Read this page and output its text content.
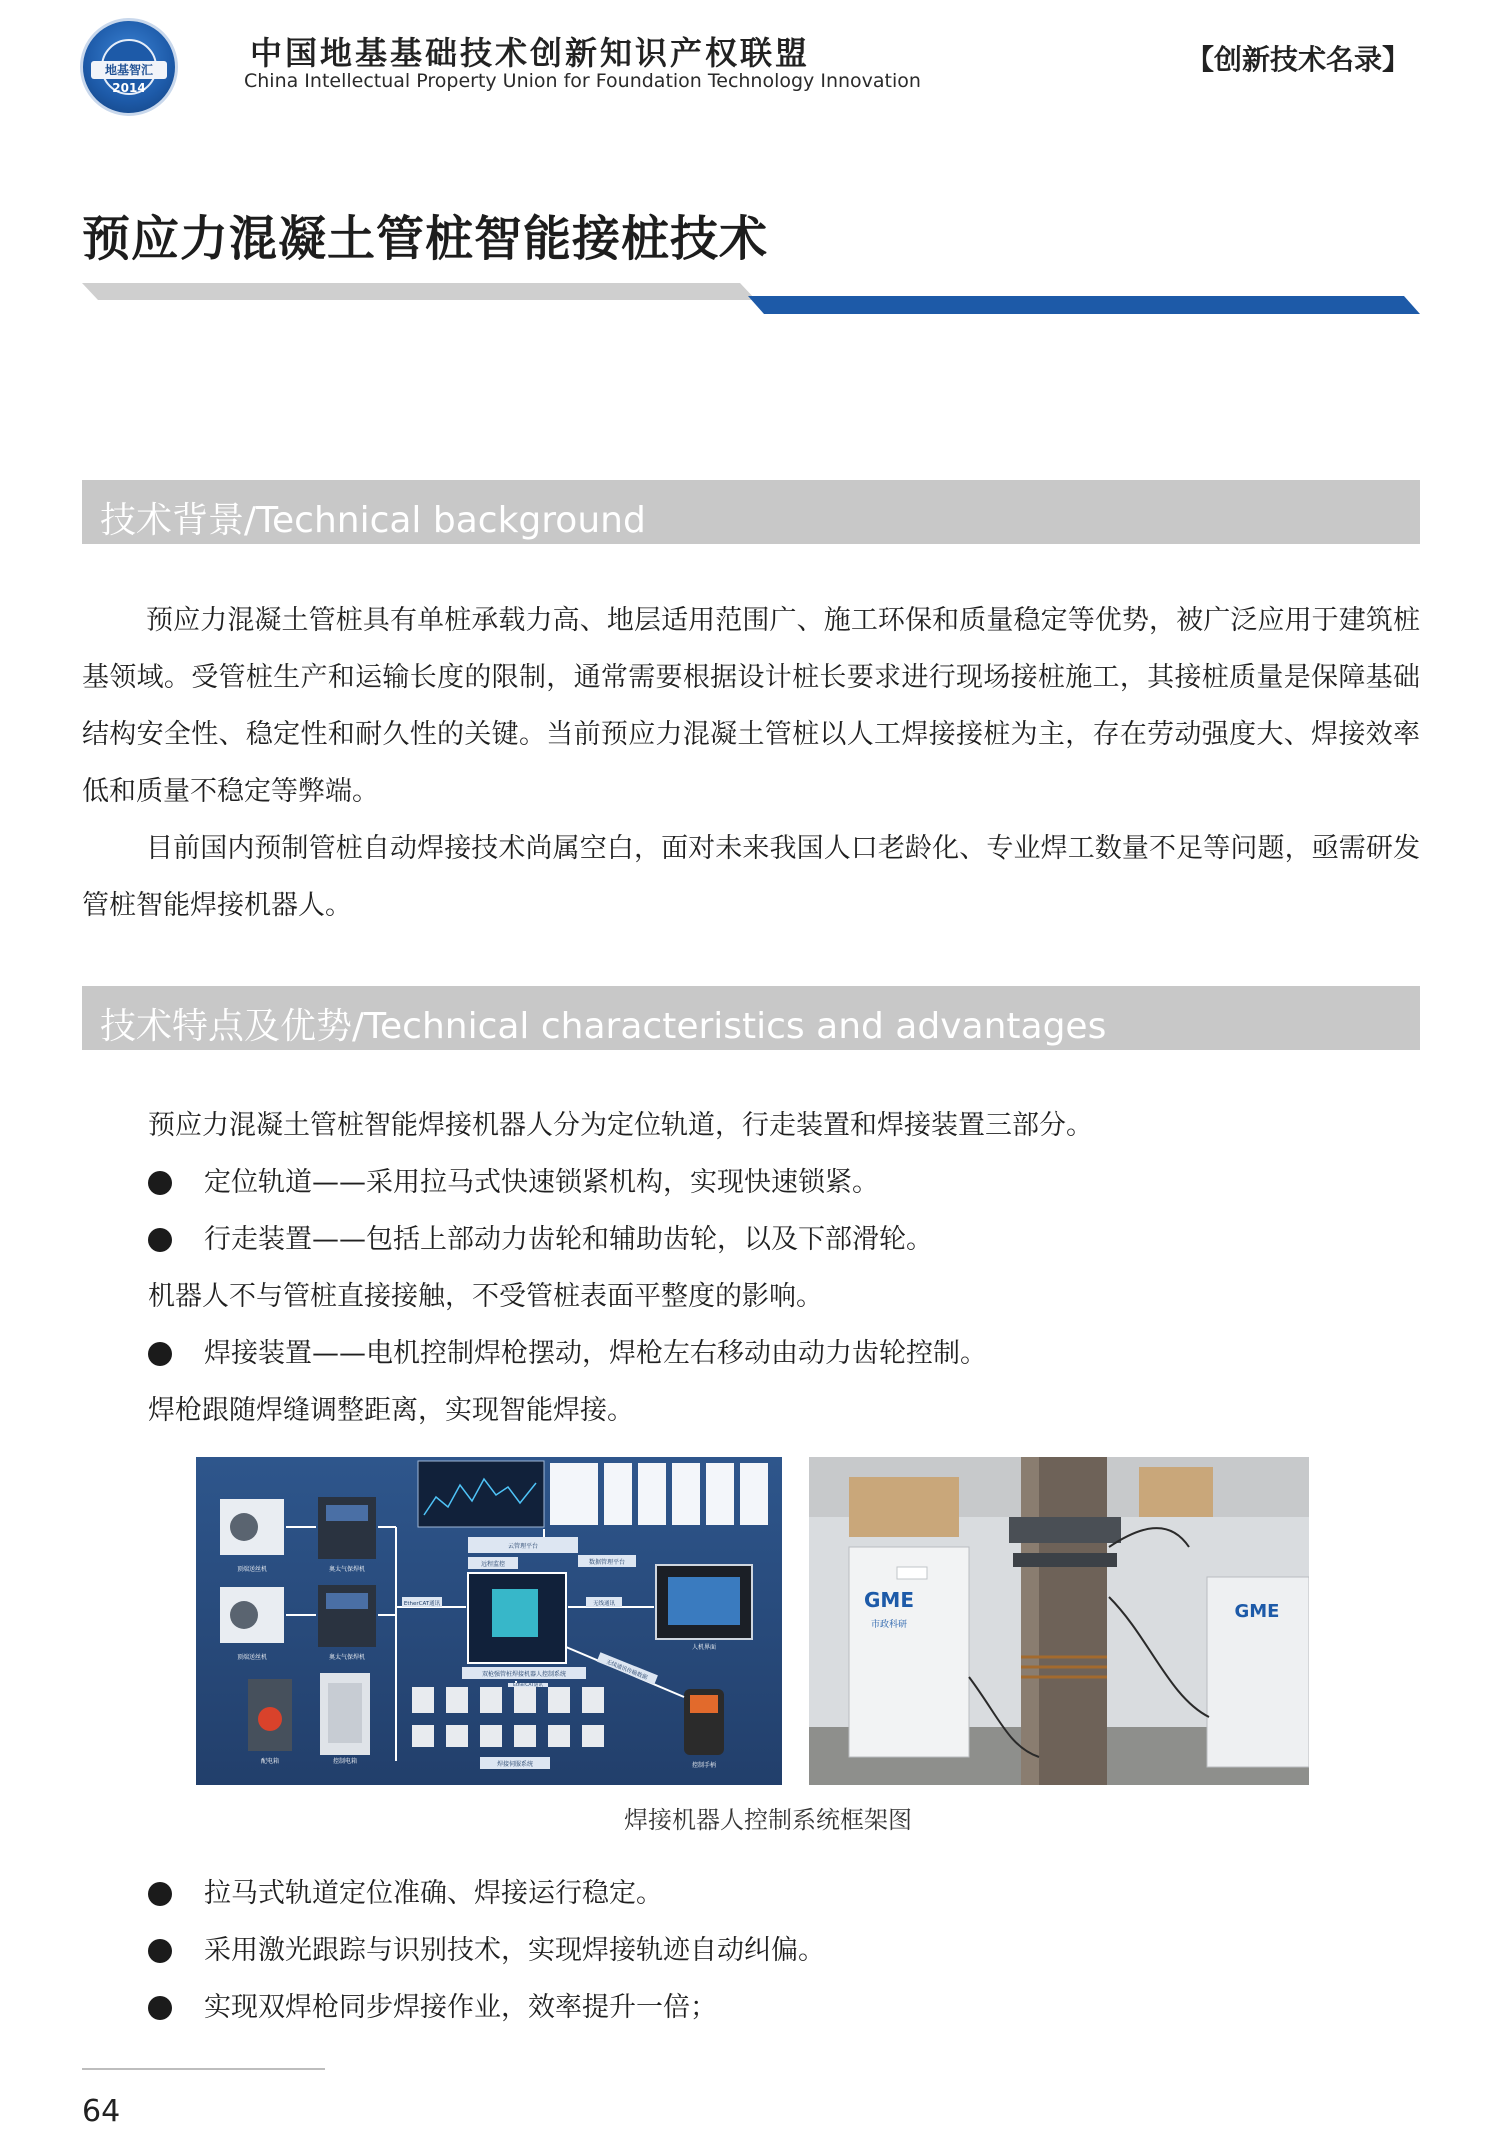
地基智汇
2014
中国地基基础技术创新知识产权联盟
China Intellectual Property Union for Foundation Technology Innovation
【创新技术名录】
预应力混凝土管桩智能接桩技术
技术背景/Technical background
预应力混凝土管桩具有单桩承载力高、地层适用范围广、施工环保和质量稳定等优势，被广泛应用于建筑桩基领域。受管桩生产和运输长度的限制，通常需要根据设计桩长要求进行现场接桩施工，其接桩质量是保障基础结构安全性、稳定性和耐久性的关键。当前预应力混凝土管桩以人工焊接接桩为主，存在劳动强度大、焊接效率低和质量不稳定等弊端。
目前国内预制管桩自动焊接技术尚属空白，面对未来我国人口老龄化、专业焊工数量不足等问题，亟需研发管桩智能焊接机器人。
技术特点及优势/Technical characteristics and advantages
预应力混凝土管桩智能焊接机器人分为定位轨道，行走装置和焊接装置三部分。
定位轨道——采用拉马式快速锁紧机构，实现快速锁紧。
行走装置——包括上部动力齿轮和辅助齿轮，以及下部滑轮。
机器人不与管桩直接接触，不受管桩表面平整度的影响。
焊接装置——电机控制焊枪摆动，焊枪左右移动由动力齿轮控制。
焊枪跟随焊缝调整距离，实现智能焊接。
顶端送丝机	奥太气保焊机
顶端送丝机	奥太气保焊机
配电箱	控制电箱
云管理平台
远程监控	数据管理平台
双枪强管桩焊接机器人控制系统
人机界面
控制手柄
焊接伺服系统
EtherCAT通讯	无线通讯
EtherCAT通讯
无线通讯传输数据
GME
市政科研
GME
焊接机器人控制系统框架图
拉马式轨道定位准确、焊接运行稳定。
采用激光跟踪与识别技术，实现焊接轨迹自动纠偏。
实现双焊枪同步焊接作业，效率提升一倍；
64
